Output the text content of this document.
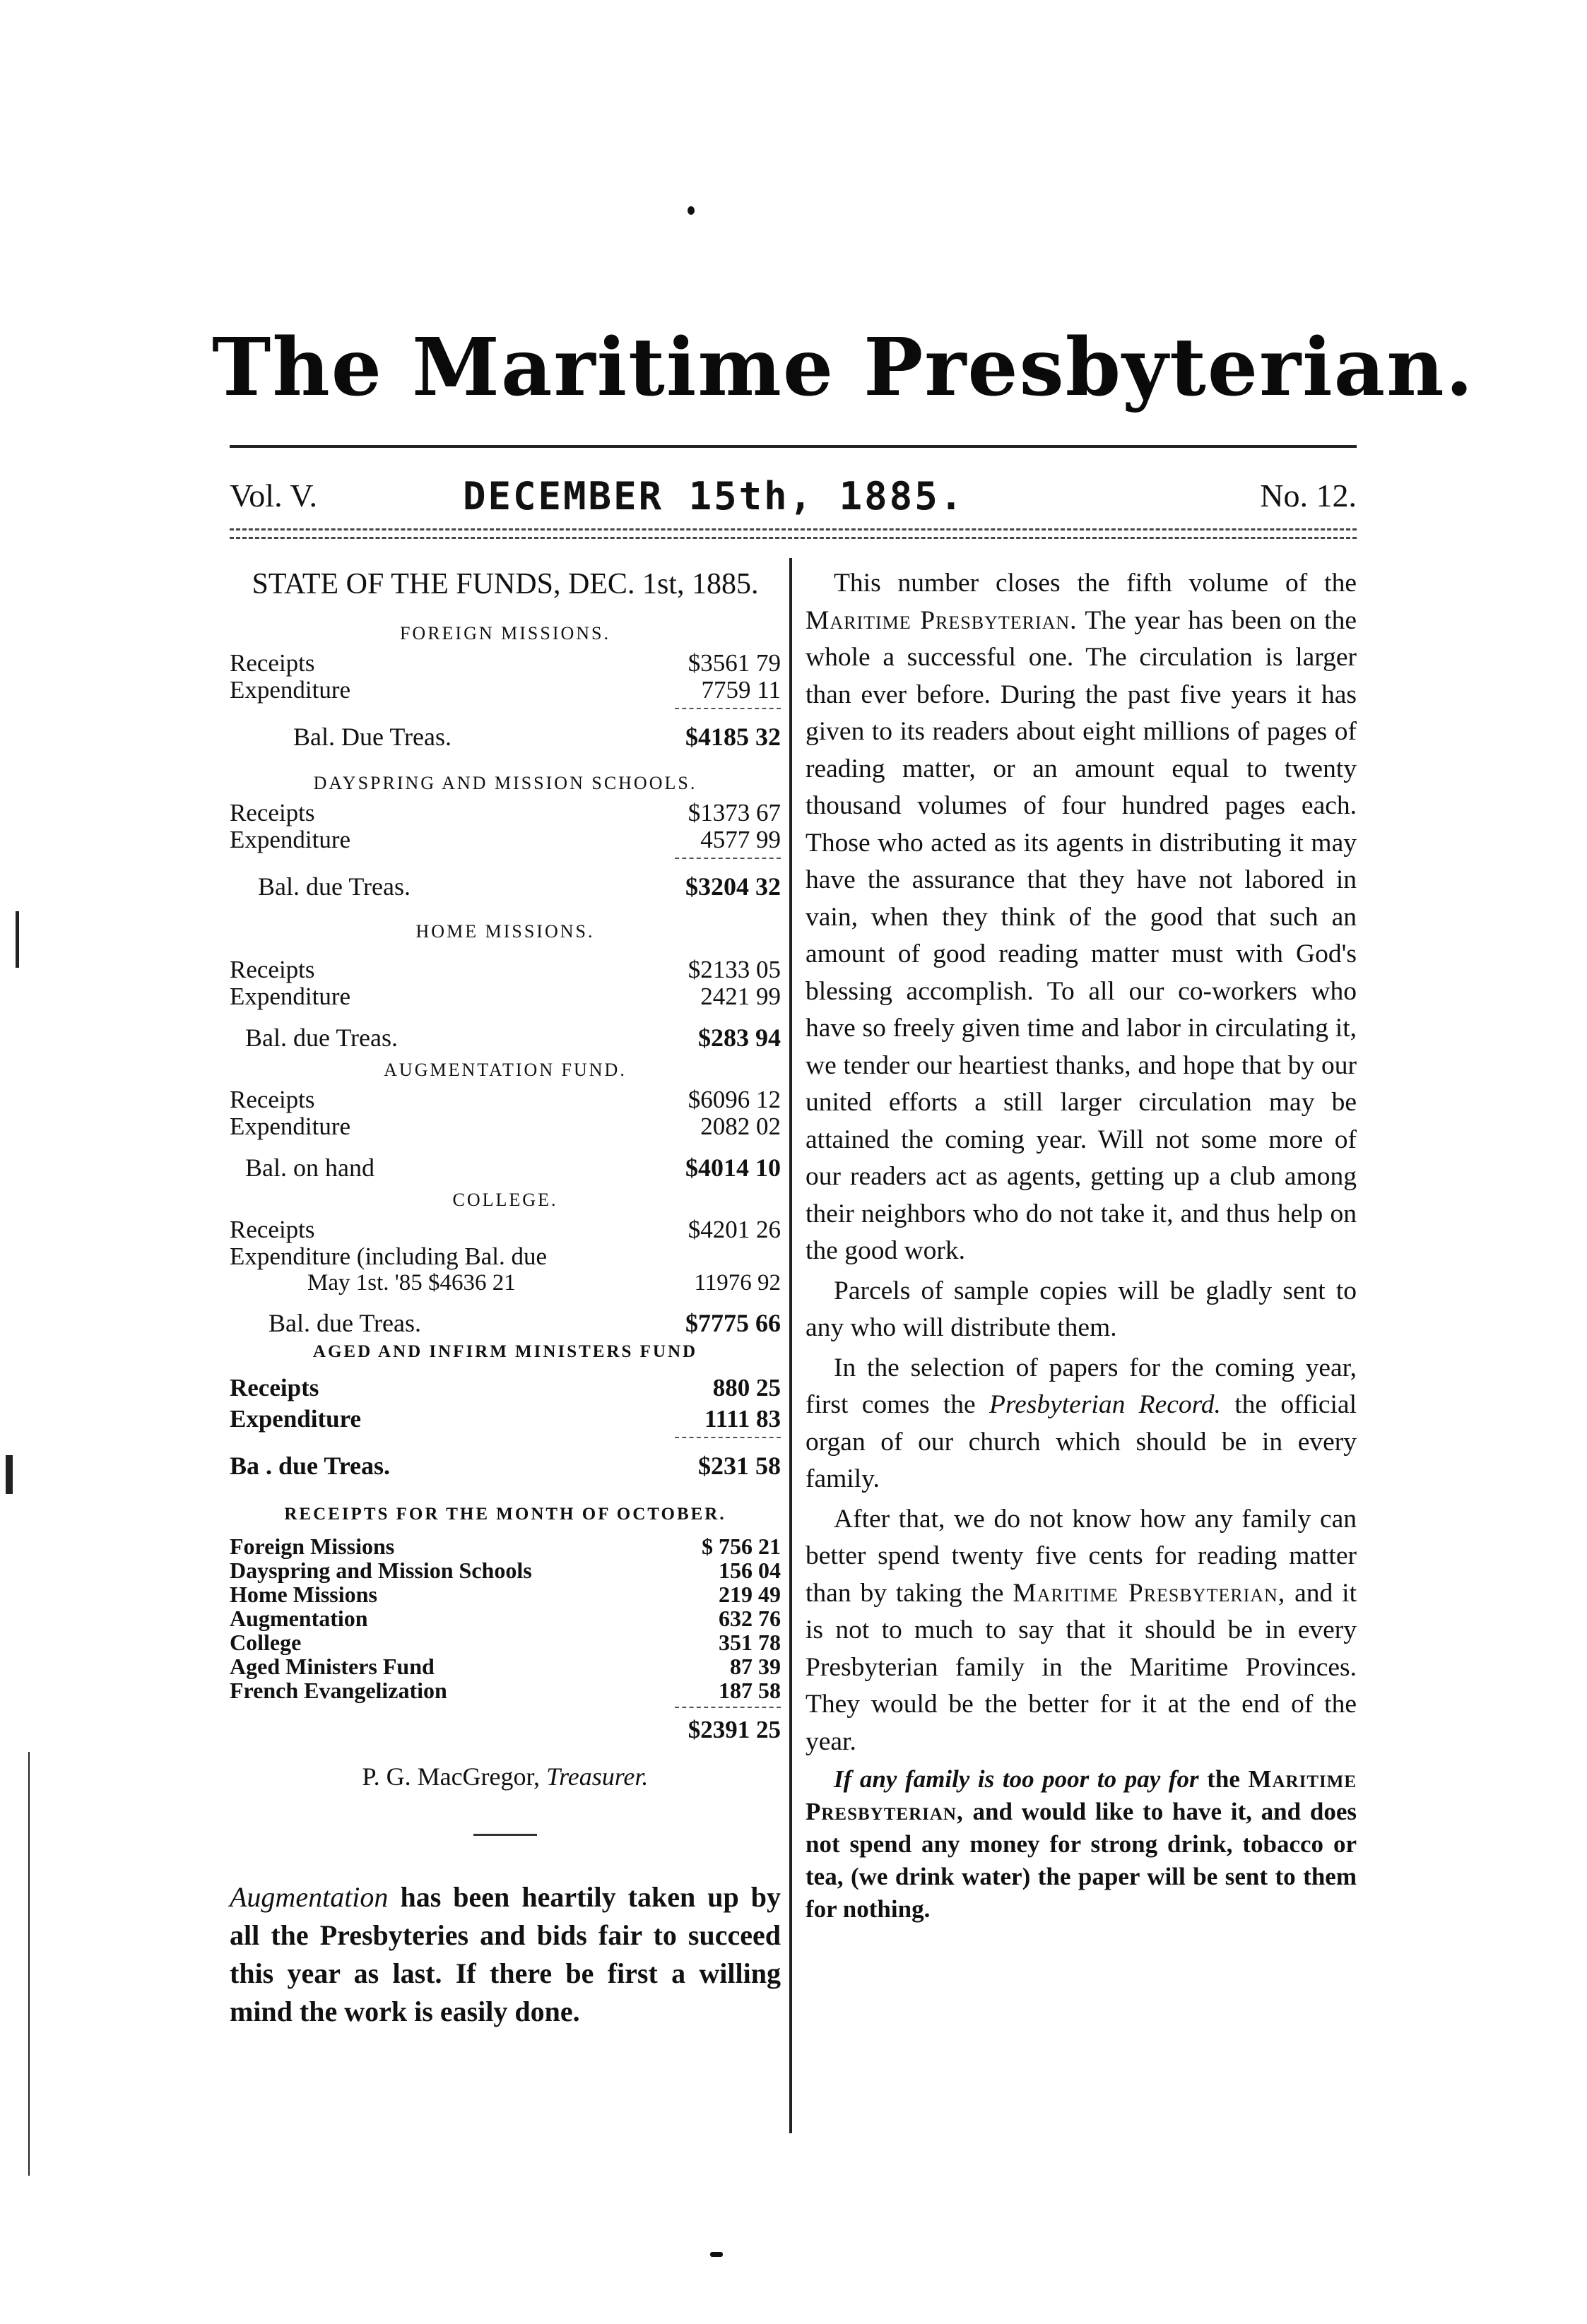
The Maritime Presbyterian.
Vol. V.	DECEMBER 15th, 1885.	No. 12.

STATE OF THE FUNDS, DEC. 1st, 1885.

FOREIGN MISSIONS.
Receipts	$3561 79
Expenditure	7759 11
Bal. Due Treas.	$4185 32
DAYSPRING AND MISSION SCHOOLS.
Receipts	$1373 67
Expenditure	4577 99
Bal. due Treas.	$3204 32
HOME MISSIONS.
Receipts	$2133 05
Expenditure	2421 99
Bal. due Treas.	$283 94
AUGMENTATION FUND.
Receipts	$6096 12
Expenditure	2082 02
Bal. on hand	$4014 10
COLLEGE.
Receipts	$4201 26
Expenditure (including Bal. due
May 1st. '85 $4636 21	11976 92
Bal. due Treas.	$7775 66
AGED AND INFIRM MINISTERS FUND
Receipts	880 25
Expenditure	1111 83
Ba . due Treas.	$231 58
RECEIPTS FOR THE MONTH OF OCTOBER.
Foreign Missions	$ 756 21
Dayspring and Mission Schools	156 04
Home Missions	219 49
Augmentation	632 76
College	351 78
Aged Ministers Fund	87 39
French Evangelization	187 58
$2391 25
P. G. MacGregor, Treasurer.

Augmentation has been heartily taken up by all the Presbyteries and bids fair to succeed this year as last. If there be first a willing mind the work is easily done.

This number closes the fifth volume of the Maritime Presbyterian. The year has been on the whole a successful one. The circulation is larger than ever before. During the past five years it has given to its readers about eight millions of pages of reading matter, or an amount equal to twenty thousand volumes of four hundred pages each. Those who acted as its agents in distributing it may have the assurance that they have not labored in vain, when they think of the good that such an amount of good reading matter must with God's blessing accomplish. To all our co-workers who have so freely given time and labor in circulating it, we tender our heartiest thanks, and hope that by our united efforts a still larger circulation may be attained the coming year. Will not some more of our readers act as agents, getting up a club among their neighbors who do not take it, and thus help on the good work.

Parcels of sample copies will be gladly sent to any who will distribute them.

In the selection of papers for the coming year, first comes the Presbyterian Record. the official organ of our church which should be in every family.

After that, we do not know how any family can better spend twenty five cents for reading matter than by taking the Maritime Presbyterian, and it is not to much to say that it should be in every Presbyterian family in the Maritime Provinces. They would be the better for it at the end of the year.

If any family is too poor to pay for the Maritime Presbyterian, and would like to have it, and does not spend any money for strong drink, tobacco or tea, (we drink water) the paper will be sent to them for nothing.
